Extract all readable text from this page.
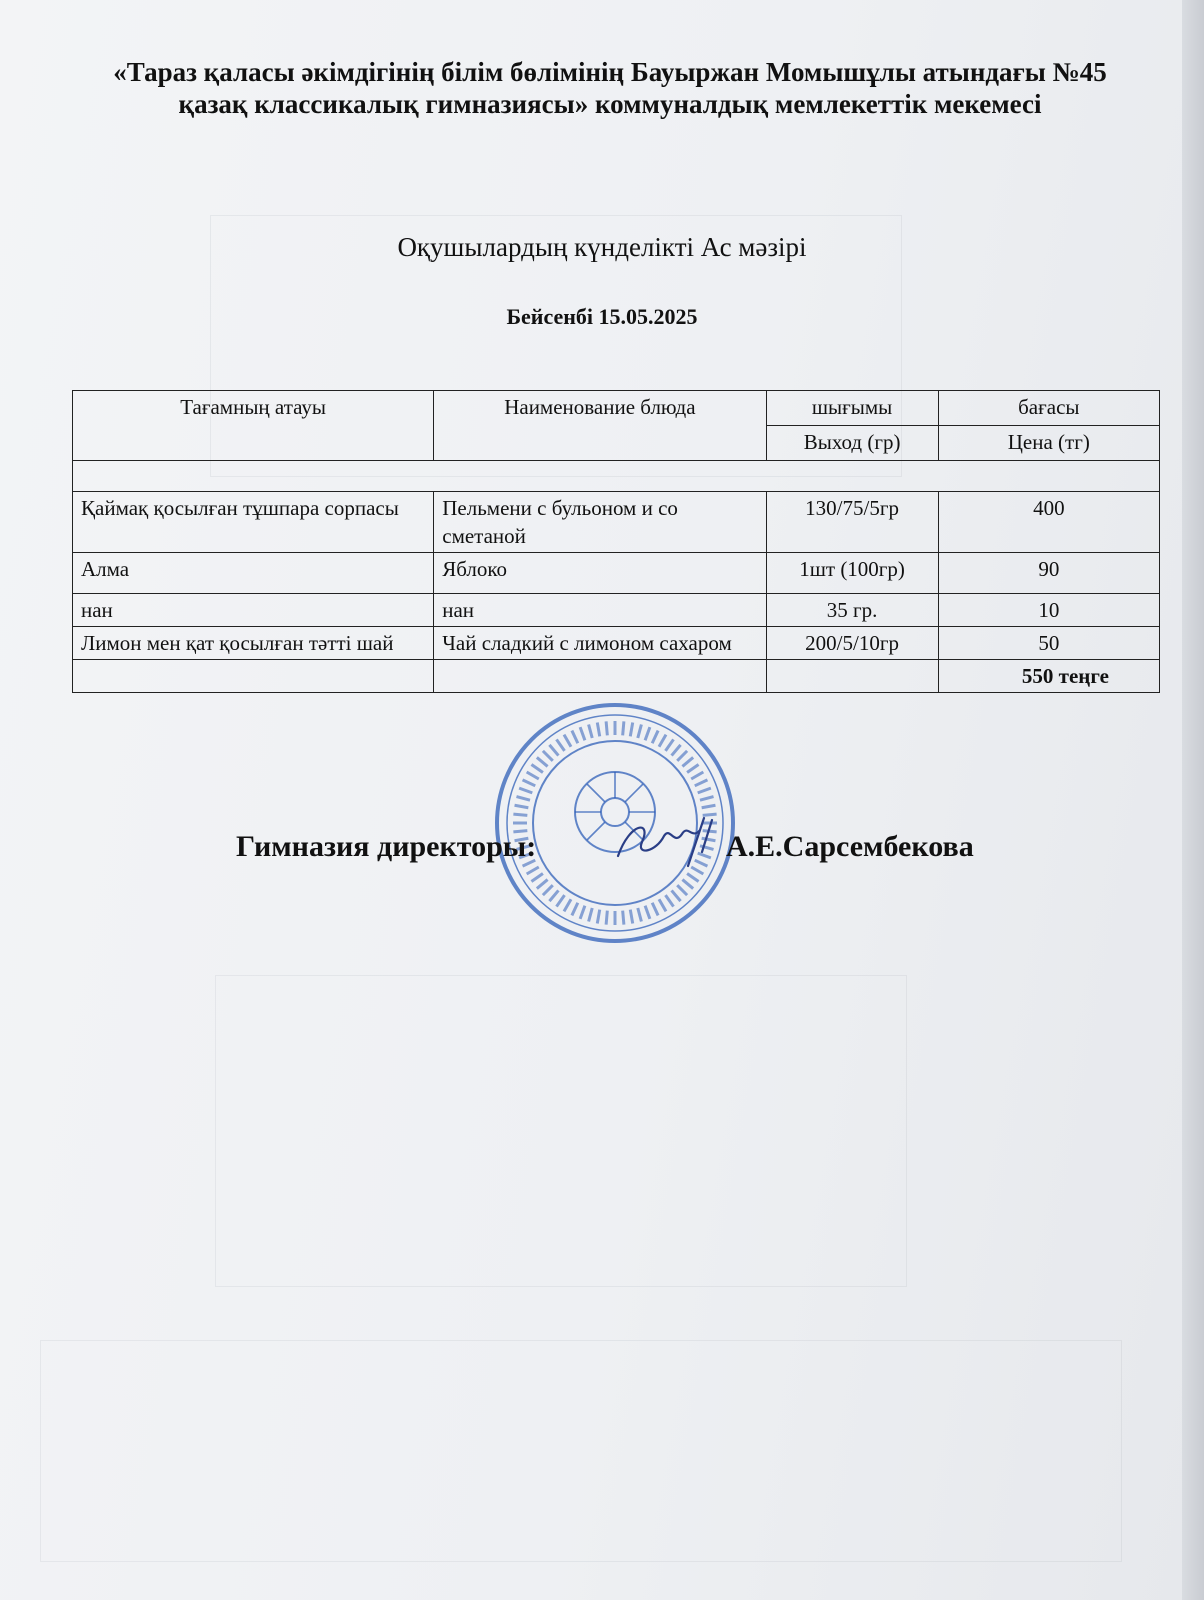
«Тараз қаласы әкімдігінің білім бөлімінің Бауыржан Момышұлы атындағы №45 қазақ классикалық гимназиясы» коммуналдық мемлекеттік мекемесі
Оқушылардың күнделікті Ас мәзірі
Бейсенбі 15.05.2025
Тағамның атауы	Наименование блюда	шығымы	бағасы
		Выход (гр)	Цена (тг)

Қаймақ қосылған тұшпара сорпасы	Пельмени с бульоном и со сметаной	130/75/5гр	400
Алма	Яблоко	1шт (100гр)	90
нан	нан	35 гр.	10
Лимон мен қат қосылған тәтті шай	Чай сладкий с лимоном сахаром	200/5/10гр	50
			550 теңге
Гимназия директоры:	А.Е.Сарсембекова
